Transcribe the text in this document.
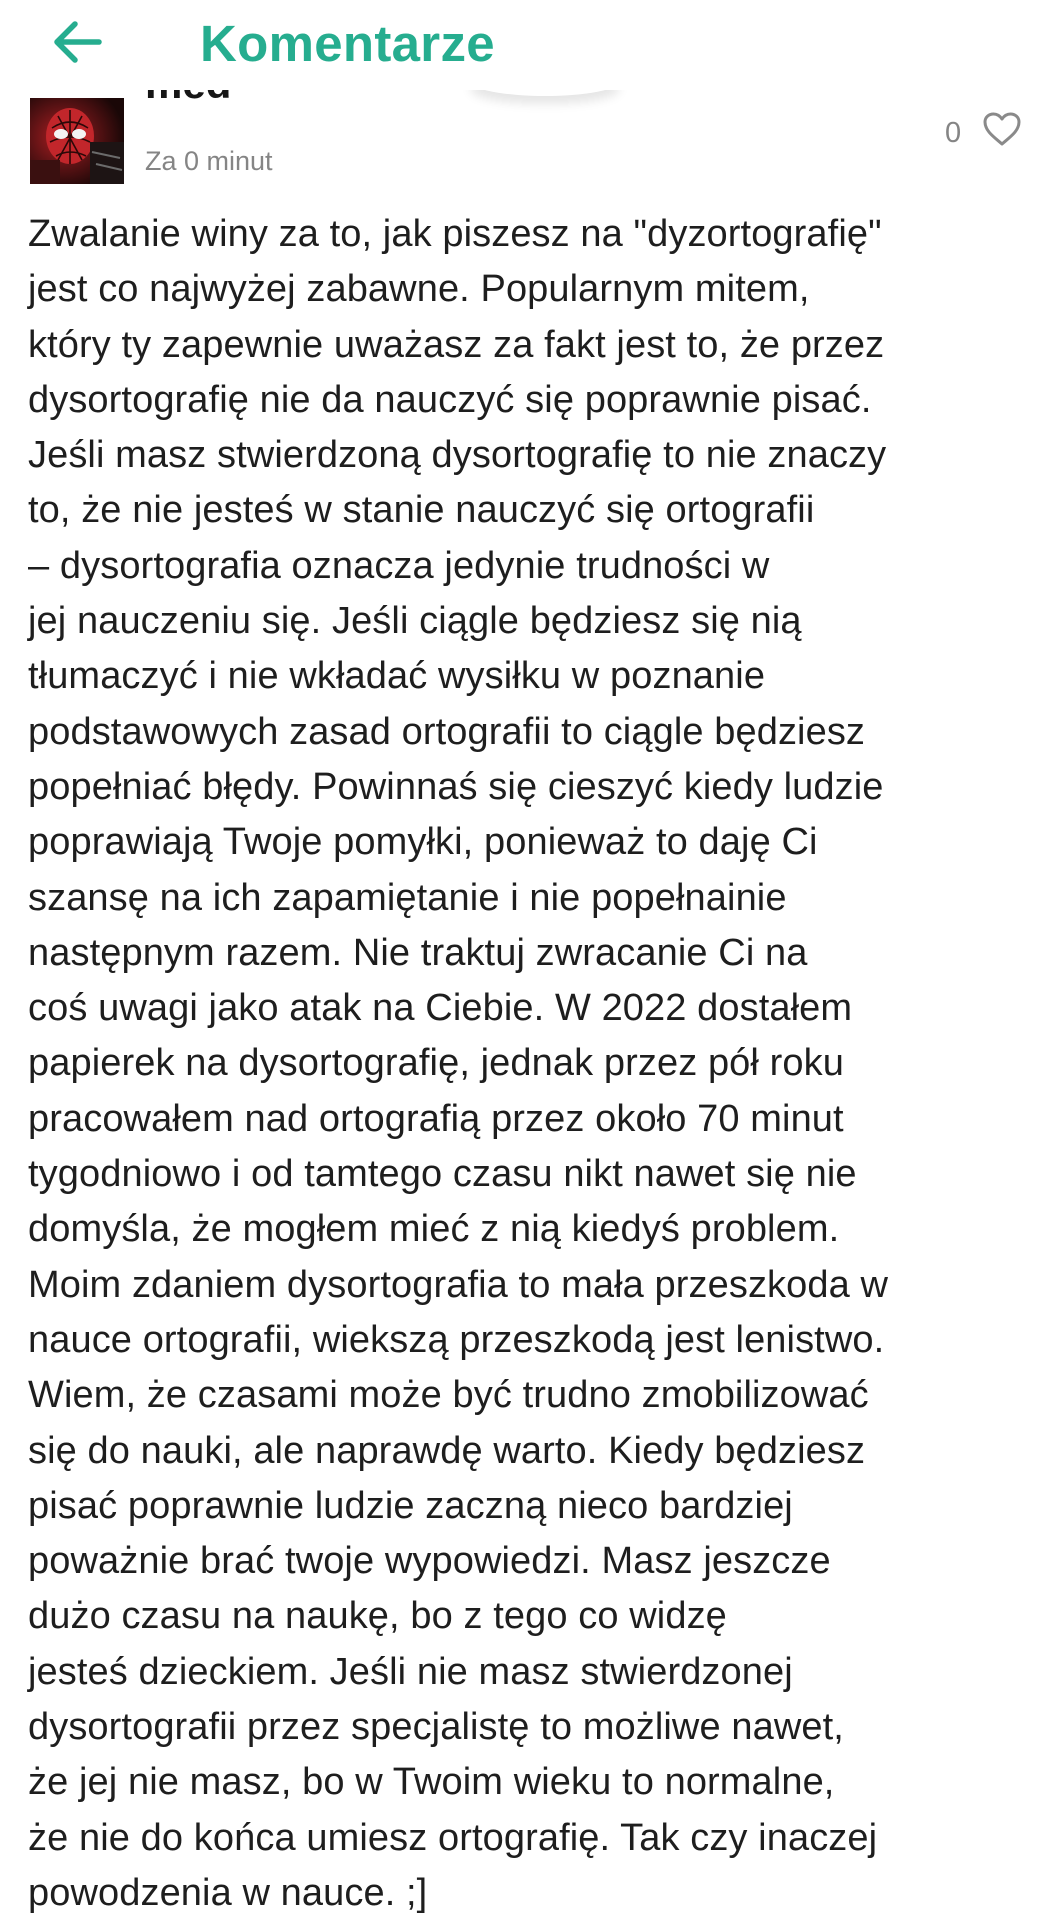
Komentarze
Za 0 minut
0

Zwalanie winy za to, jak piszesz na "dyzortografię"
jest co najwyżej zabawne. Popularnym mitem,
który ty zapewnie uważasz za fakt jest to, że przez
dysortografię nie da nauczyć się poprawnie pisać.
Jeśli masz stwierdzoną dysortografię to nie znaczy
to, że nie jesteś w stanie nauczyć się ortografii
– dysortografia oznacza jedynie trudności w
jej nauczeniu się. Jeśli ciągle będziesz się nią
tłumaczyć i nie wkładać wysiłku w poznanie
podstawowych zasad ortografii to ciągle będziesz
popełniać błędy. Powinnaś się cieszyć kiedy ludzie
poprawiają Twoje pomyłki, ponieważ to daję Ci
szansę na ich zapamiętanie i nie popełnainie
następnym razem. Nie traktuj zwracanie Ci na
coś uwagi jako atak na Ciebie. W 2022 dostałem
papierek na dysortografię, jednak przez pół roku
pracowałem nad ortografią przez około 70 minut
tygodniowo i od tamtego czasu nikt nawet się nie
domyśla, że mogłem mieć z nią kiedyś problem.
Moim zdaniem dysortografia to mała przeszkoda w
nauce ortografii, wiekszą przeszkodą jest lenistwo.
Wiem, że czasami może być trudno zmobilizować
się do nauki, ale naprawdę warto. Kiedy będziesz
pisać poprawnie ludzie zaczną nieco bardziej
poważnie brać twoje wypowiedzi. Masz jeszcze
dużo czasu na naukę, bo z tego co widzę
jesteś dzieckiem. Jeśli nie masz stwierdzonej
dysortografii przez specjalistę to możliwe nawet,
że jej nie masz, bo w Twoim wieku to normalne,
że nie do końca umiesz ortografię. Tak czy inaczej
powodzenia w nauce. ;]
